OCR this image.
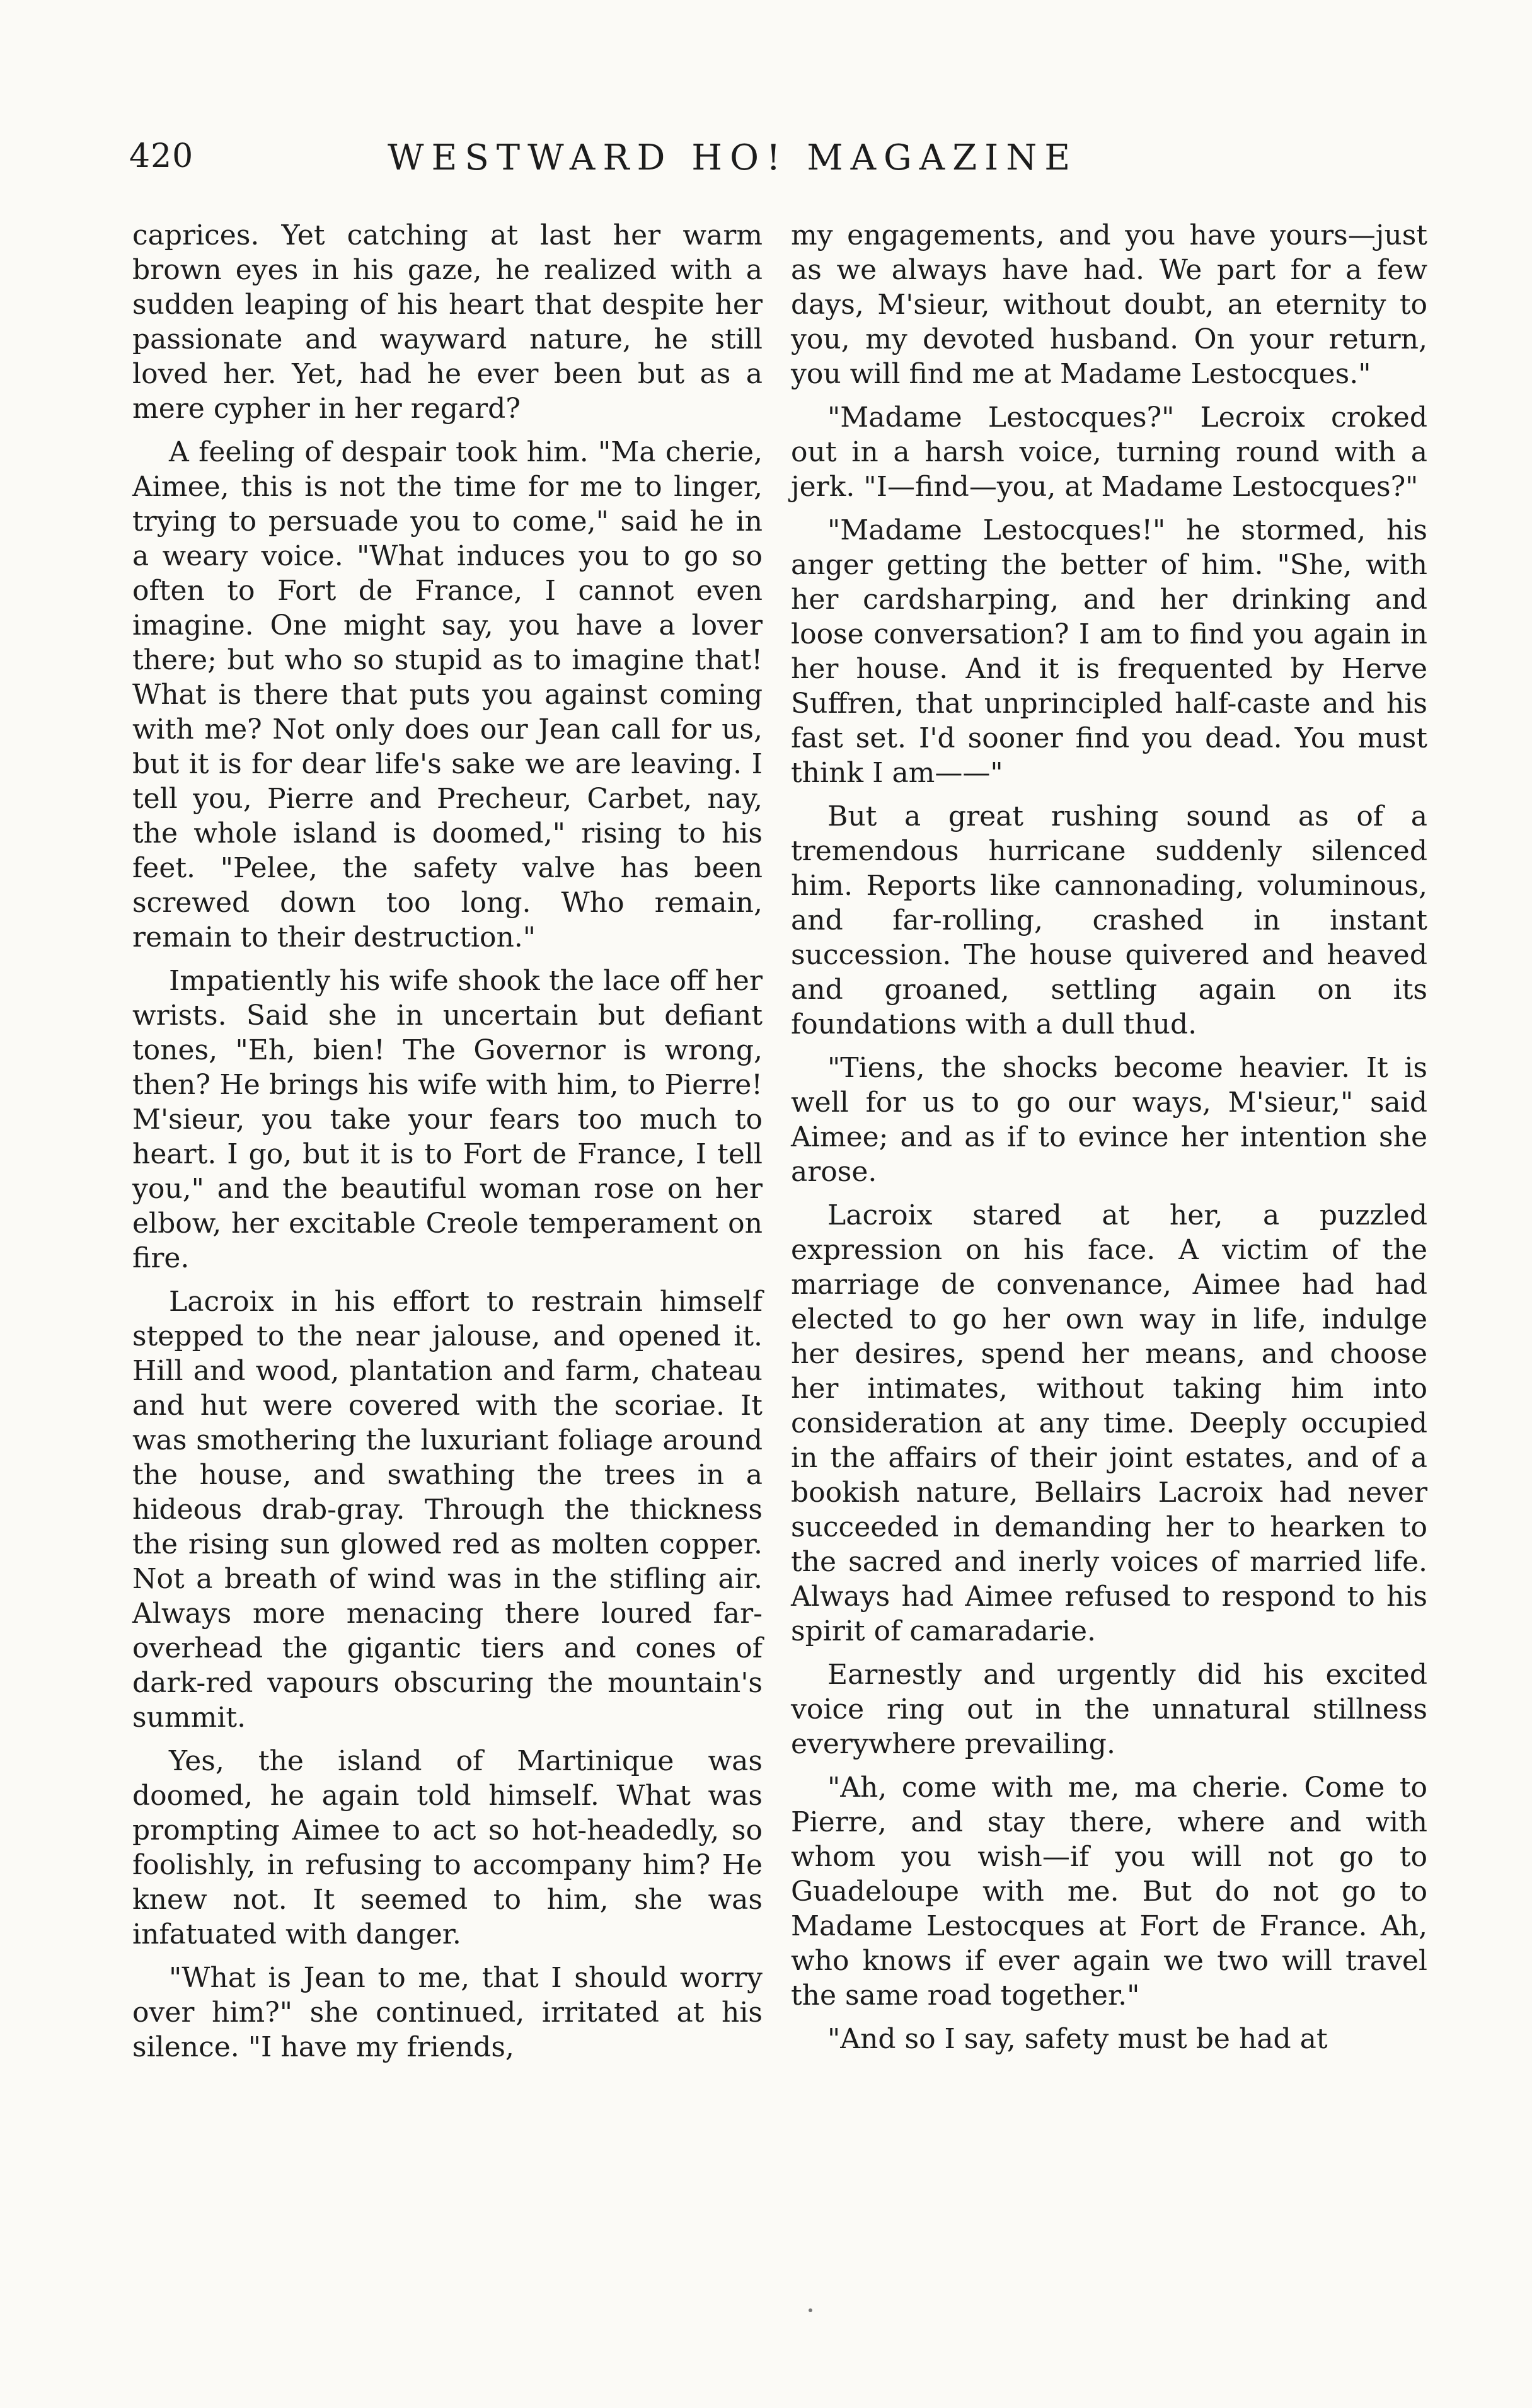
420	WESTWARD HO! MAGAZINE

caprices. Yet catching at last her warm brown eyes in his gaze, he realized with a sudden leaping of his heart that despite her passionate and wayward nature, he still loved her. Yet, had he ever been but as a mere cypher in her regard?

A feeling of despair took him. "Ma cherie, Aimee, this is not the time for me to linger, trying to persuade you to come," said he in a weary voice. "What induces you to go so often to Fort de France, I cannot even imagine. One might say, you have a lover there; but who so stupid as to imagine that! What is there that puts you against coming with me? Not only does our Jean call for us, but it is for dear life's sake we are leaving. I tell you, Pierre and Precheur, Carbet, nay, the whole island is doomed," rising to his feet. "Pelee, the safety valve has been screwed down too long. Who remain, remain to their destruction."

Impatiently his wife shook the lace off her wrists. Said she in uncertain but defiant tones, "Eh, bien! The Governor is wrong, then? He brings his wife with him, to Pierre! M'sieur, you take your fears too much to heart. I go, but it is to Fort de France, I tell you," and the beautiful woman rose on her elbow, her excitable Creole temperament on fire.

Lacroix in his effort to restrain himself stepped to the near jalouse, and opened it. Hill and wood, plantation and farm, chateau and hut were covered with the scoriae. It was smothering the luxuriant foliage around the house, and swathing the trees in a hideous drab-gray. Through the thickness the rising sun glowed red as molten copper. Not a breath of wind was in the stifling air. Always more menacing there loured far-overhead the gigantic tiers and cones of dark-red vapours obscuring the mountain's summit.

Yes, the island of Martinique was doomed, he again told himself. What was prompting Aimee to act so hot-headedly, so foolishly, in refusing to accompany him? He knew not. It seemed to him, she was infatuated with danger.

"What is Jean to me, that I should worry over him?" she continued, irritated at his silence. "I have my friends,

my engagements, and you have yours—just as we always have had. We part for a few days, M'sieur, without doubt, an eternity to you, my devoted husband. On your return, you will find me at Madame Lestocques."

"Madame Lestocques?" Lecroix croked out in a harsh voice, turning round with a jerk. "I—find—you, at Madame Lestocques?"

"Madame Lestocques!" he stormed, his anger getting the better of him. "She, with her cardsharping, and her drinking and loose conversation? I am to find you again in her house. And it is frequented by Herve Suffren, that unprincipled half-caste and his fast set. I'd sooner find you dead. You must think I am——"

But a great rushing sound as of a tremendous hurricane suddenly silenced him. Reports like cannonading, voluminous, and far-rolling, crashed in instant succession. The house quivered and heaved and groaned, settling again on its foundations with a dull thud.

"Tiens, the shocks become heavier. It is well for us to go our ways, M'sieur," said Aimee; and as if to evince her intention she arose.

Lacroix stared at her, a puzzled expression on his face. A victim of the marriage de convenance, Aimee had had elected to go her own way in life, indulge her desires, spend her means, and choose her intimates, without taking him into consideration at any time. Deeply occupied in the affairs of their joint estates, and of a bookish nature, Bellairs Lacroix had never succeeded in demanding her to hearken to the sacred and inerly voices of married life. Always had Aimee refused to respond to his spirit of camaradarie.

Earnestly and urgently did his excited voice ring out in the unnatural stillness everywhere prevailing.

"Ah, come with me, ma cherie. Come to Pierre, and stay there, where and with whom you wish—if you will not go to Guadeloupe with me. But do not go to Madame Lestocques at Fort de France. Ah, who knows if ever again we two will travel the same road together."

"And so I say, safety must be had at
